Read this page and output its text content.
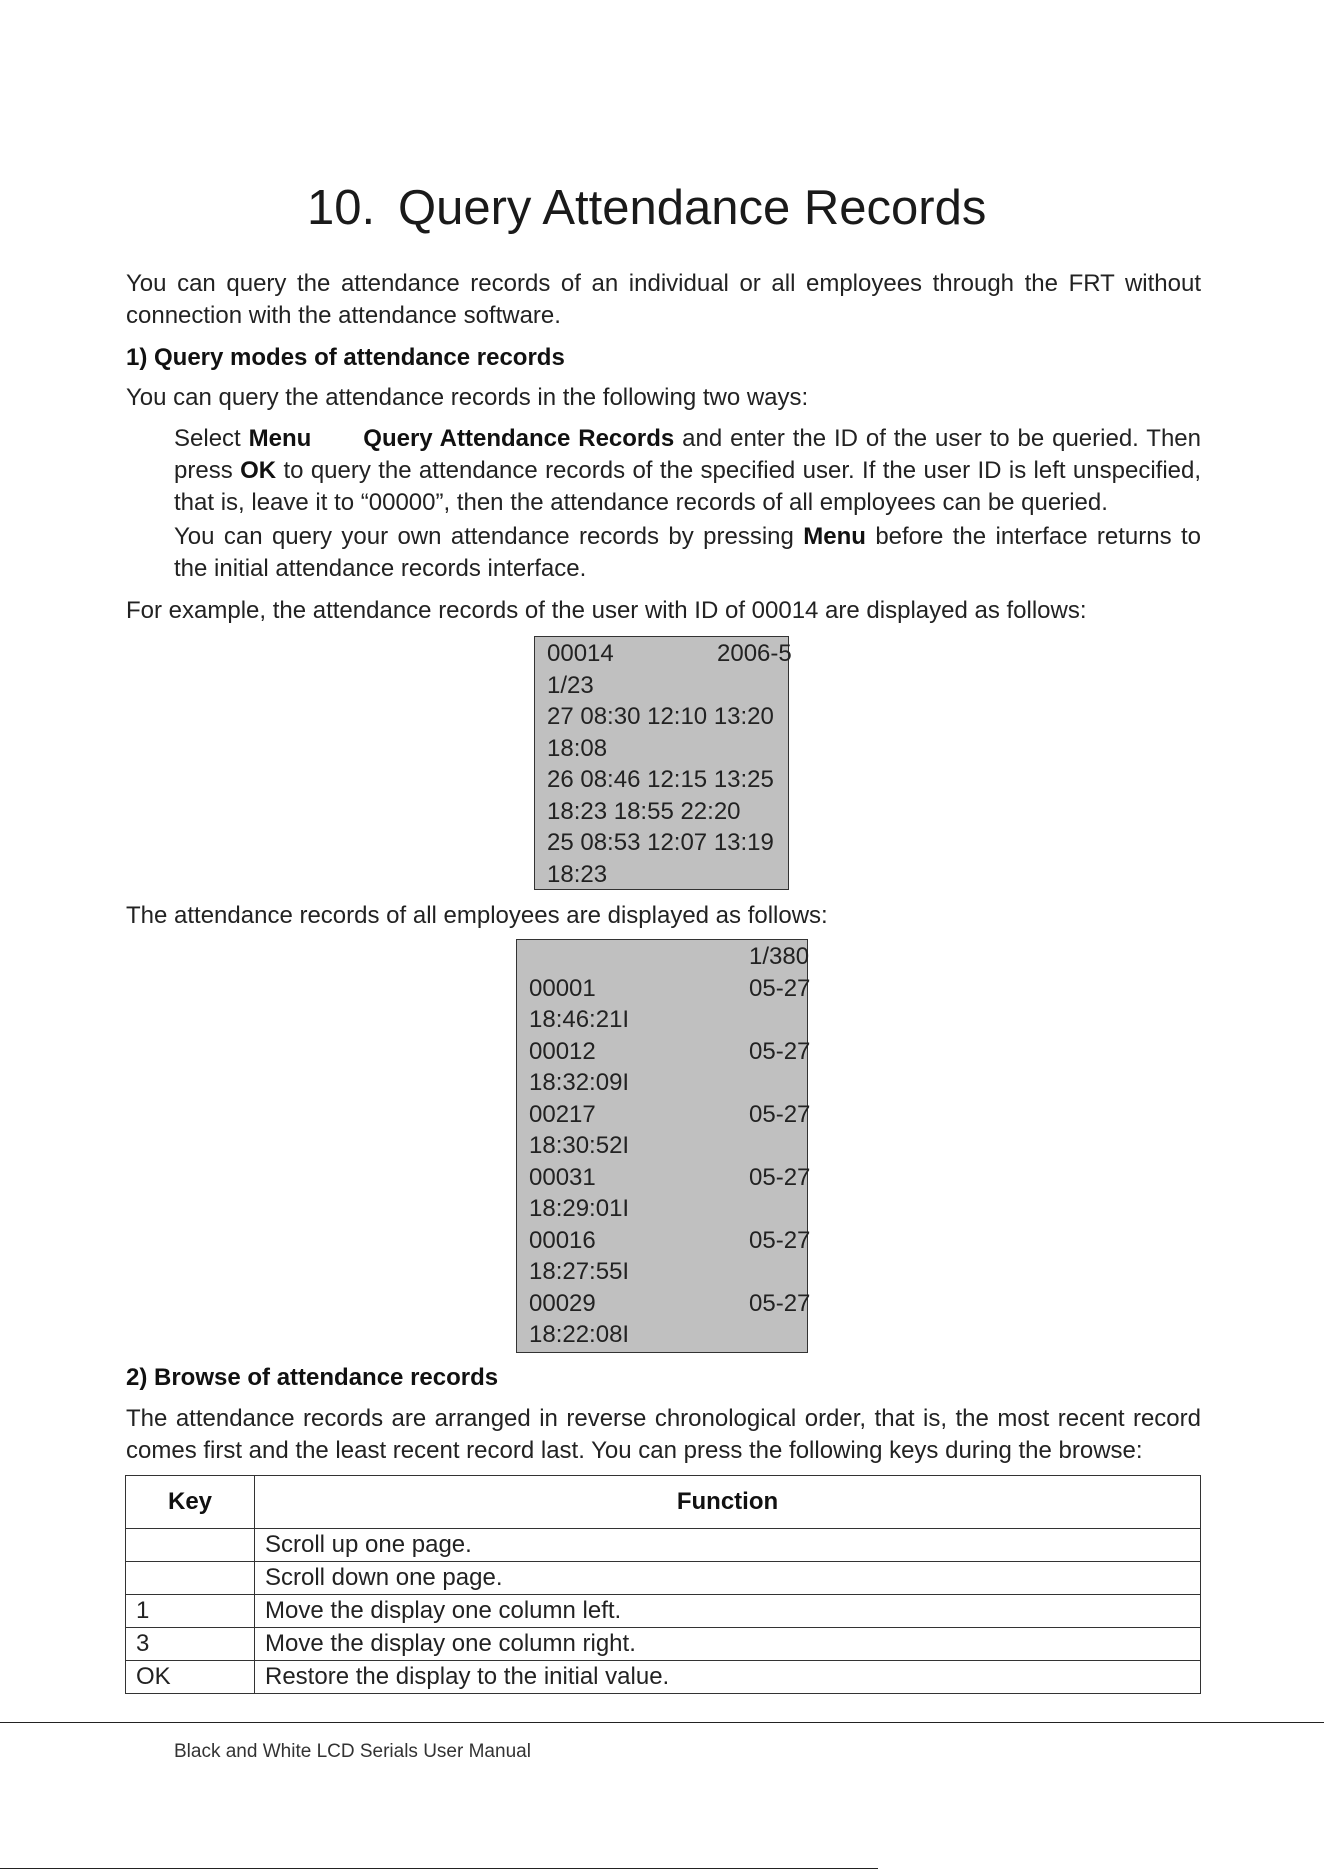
10. Query Attendance Records

You can query the attendance records of an individual or all employees through the FRT without connection with the attendance software.

1) Query modes of attendance records

You can query the attendance records in the following two ways:

Select Menu Query Attendance Records and enter the ID of the user to be queried. Then press OK to query the attendance records of the specified user. If the user ID is left unspecified, that is, leave it to “00000”, then the attendance records of all employees can be queried.

You can query your own attendance records by pressing Menu before the interface returns to the initial attendance records interface.

For example, the attendance records of the user with ID of 00014 are displayed as follows:

00014	2006-5
1/23
27 08:30 12:10 13:20
18:08
26 08:46 12:15 13:25
18:23 18:55 22:20
25 08:53 12:07 13:19
18:23

The attendance records of all employees are displayed as follows:

1/380
00001	05-27
18:46:21I
00012	05-27
18:32:09I
00217	05-27
18:30:52I
00031	05-27
18:29:01I
00016	05-27
18:27:55I
00029	05-27
18:22:08I
2) Browse of attendance records

The attendance records are arranged in reverse chronological order, that is, the most recent record comes first and the least recent record last. You can press the following keys during the browse:

Key	Function
	Scroll up one page.
	Scroll down one page.
1	Move the display one column left.
3	Move the display one column right.
OK	Restore the display to the initial value.
Black and White LCD Serials User Manual
